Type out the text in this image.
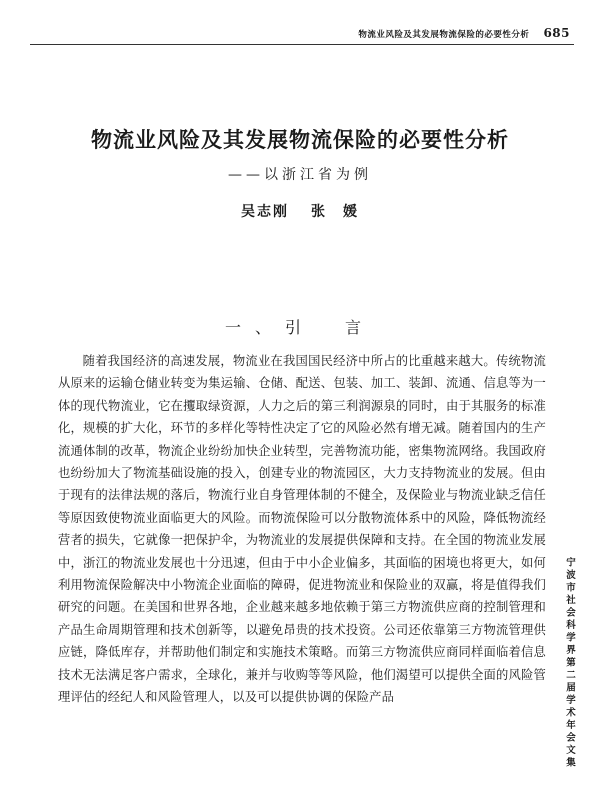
物流业风险及其发展物流保险的必要性分析 685
物流业风险及其发展物流保险的必要性分析
——以浙江省为例
吴志刚 张　媛
一、引　言

随着我国经济的高速发展，物流业在我国国民经济中所占的比重越来越大。传统物流从原来的运输仓储业转变为集运输、仓储、配送、包装、加工、装卸、流通、信息等为一体的现代物流业，它在攫取绿资源，人力之后的第三利润源泉的同时，由于其服务的标准化，规模的扩大化，环节的多样化等特性决定了它的风险必然有增无减。随着国内的生产流通体制的改革，物流企业纷纷加快企业转型，完善物流功能，密集物流网络。我国政府也纷纷加大了物流基础设施的投入，创建专业的物流园区，大力支持物流业的发展。但由于现有的法律法规的落后，物流行业自身管理体制的不健全，及保险业与物流业缺乏信任等原因致使物流业面临更大的风险。而物流保险可以分散物流体系中的风险，降低物流经营者的损失，它就像一把保护伞，为物流业的发展提供保障和支持。在全国的物流业发展中，浙江的物流业发展也十分迅速，但由于中小企业偏多，其面临的困境也将更大，如何利用物流保险解决中小物流企业面临的障碍，促进物流业和保险业的双赢，将是值得我们研究的问题。在美国和世界各地，企业越来越多地依赖于第三方物流供应商的控制管理和产品生命周期管理和技术创新等，以避免昂贵的技术投资。公司还依靠第三方物流管理供应链，降低库存，并帮助他们制定和实施技术策略。而第三方物流供应商同样面临着信息技术无法满足客户需求，全球化，兼并与收购等等风险，他们渴望可以提供全面的风险管理评估的经纪人和风险管理人，以及可以提供协调的保险产品	宁波市社会科学界第二届学术年会文集
